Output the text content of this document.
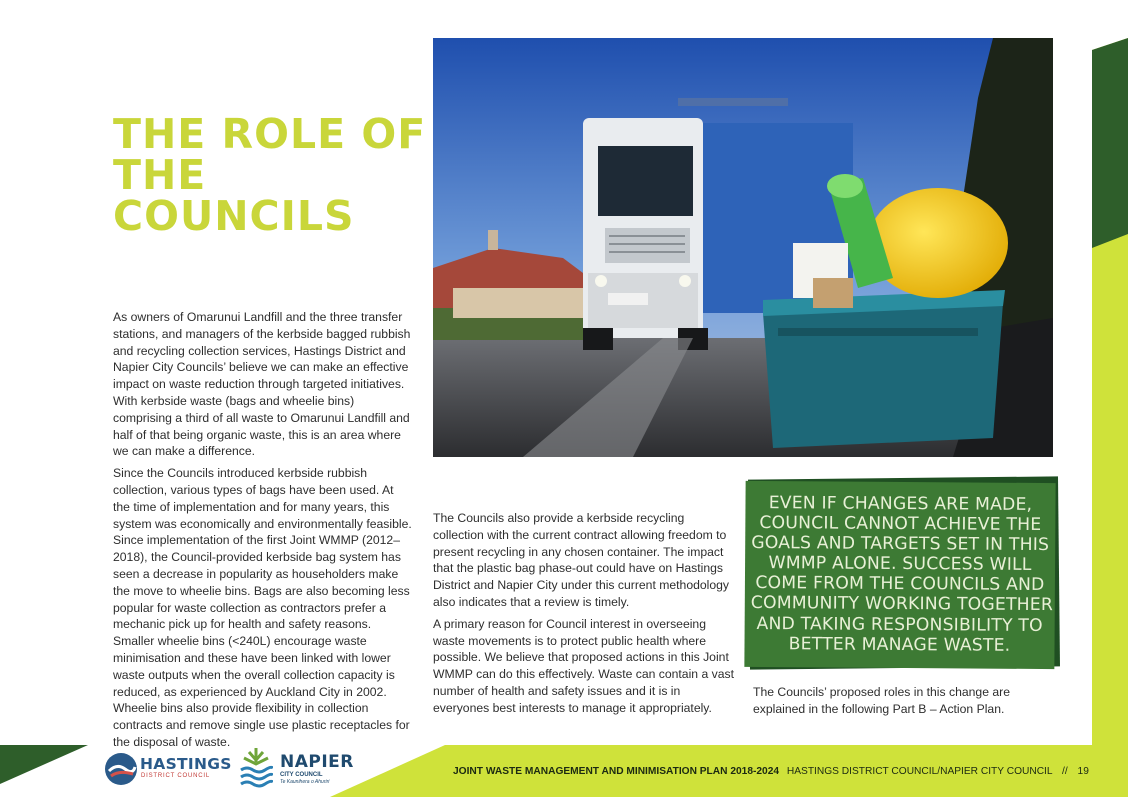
THE ROLE OF
THE COUNCILS

As owners of Omarunui Landfill and the three transfer stations, and managers of the kerbside bagged rubbish and recycling collection services, Hastings District and Napier City Councils’ believe we can make an effective impact on waste reduction through targeted initiatives. With kerbside waste (bags and wheelie bins) comprising a third of all waste to Omarunui Landfill and half of that being organic waste, this is an area where we can make a difference.

Since the Councils introduced kerbside rubbish collection, various types of bags have been used. At the time of implementation and for many years, this system was economically and environmentally feasible. Since implementation of the first Joint WMMP (2012–2018), the Council-provided kerbside bag system has seen a decrease in popularity as householders make the move to wheelie bins. Bags are also becoming less popular for waste collection as contractors prefer a mechanic pick up for health and safety reasons. Smaller wheelie bins (<240L) encourage waste minimisation and these have been linked with lower waste outputs when the overall collection capacity is reduced, as experienced by Auckland City in 2002. Wheelie bins also provide flexibility in collection contracts and remove single use plastic receptacles for the disposal of waste.

The Councils also provide a kerbside recycling collection with the current contract allowing freedom to present recycling in any chosen container. The impact that the plastic bag phase-out could have on Hastings District and Napier City under this current methodology also indicates that a review is timely.

A primary reason for Council interest in overseeing waste movements is to protect public health where possible. We believe that proposed actions in this Joint WMMP can do this effectively. Waste can contain a vast number of health and safety issues and it is in everyones best interests to manage it appropriately.

EVEN IF CHANGES ARE MADE,
COUNCIL CANNOT ACHIEVE THE
GOALS AND TARGETS SET IN THIS
WMMP ALONE. SUCCESS WILL
COME FROM THE COUNCILS AND
COMMUNITY WORKING TOGETHER
AND TAKING RESPONSIBILITY TO
BETTER MANAGE WASTE.

The Councils’ proposed roles in this change are explained in the following Part B – Action Plan.

HASTINGS
DISTRICT COUNCIL
NAPIER
CITY COUNCIL
Te Kaunihera o Ahuriri
JOINT WASTE MANAGEMENT AND MINIMISATION PLAN 2018-2024 HASTINGS DISTRICT COUNCIL/NAPIER CITY COUNCIL // 19
